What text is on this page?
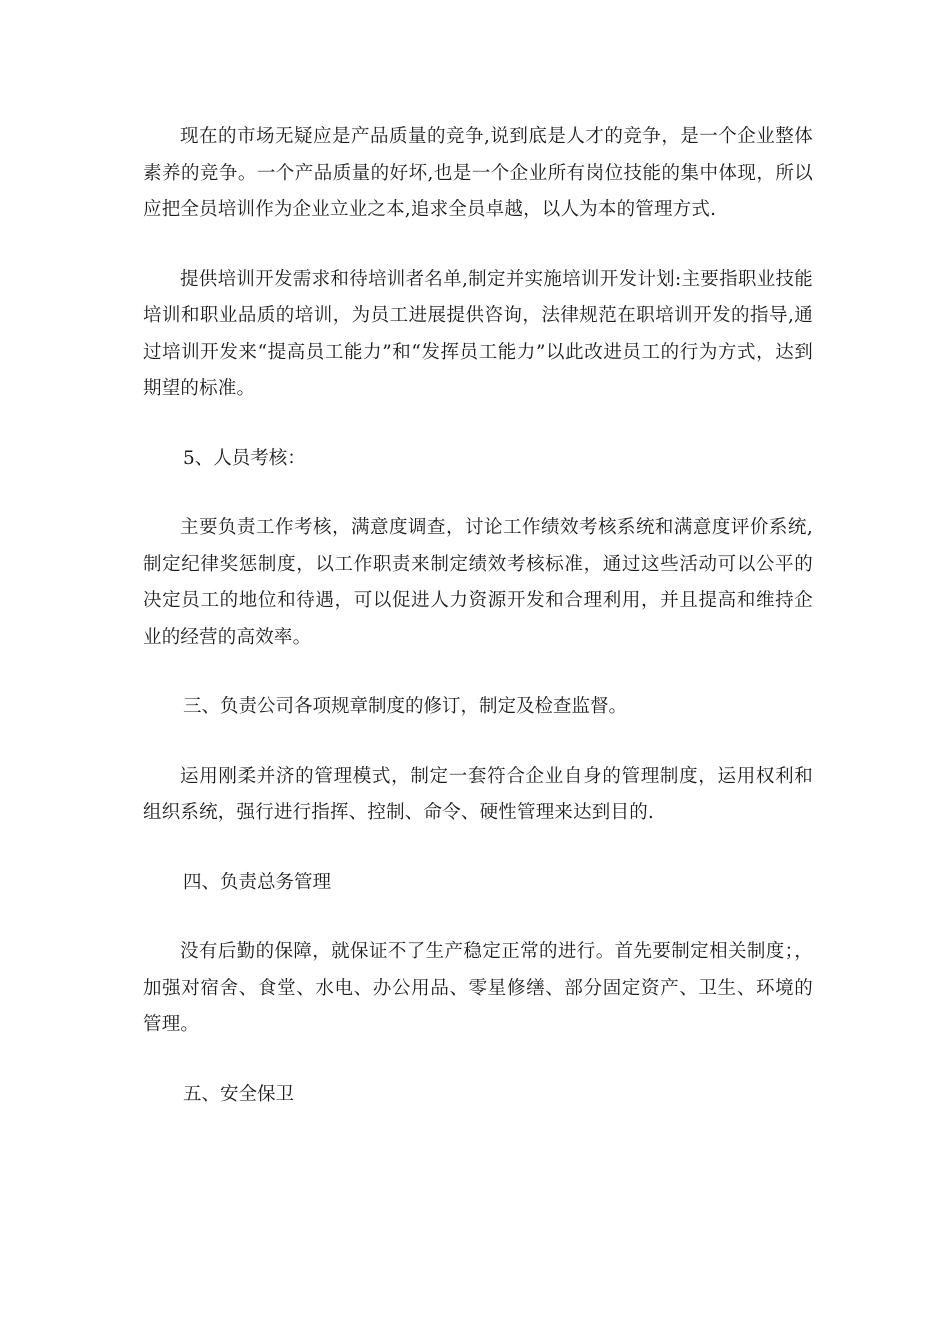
现在的市场无疑应是产品质量的竞争,说到底是人才的竞争，是一个企业整体素养的竞争。一个产品质量的好坏,也是一个企业所有岗位技能的集中体现，所以应把全员培训作为企业立业之本,追求全员卓越，以人为本的管理方式.

提供培训开发需求和待培训者名单,制定并实施培训开发计划:主要指职业技能培训和职业品质的培训，为员工进展提供咨询，法律规范在职培训开发的指导,通过培训开发来“提高员工能力”和“发挥员工能力”以此改进员工的行为方式，达到期望的标准。

5、人员考核：

主要负责工作考核，满意度调查，讨论工作绩效考核系统和满意度评价系统,制定纪律奖惩制度，以工作职责来制定绩效考核标准，通过这些活动可以公平的决定员工的地位和待遇，可以促进人力资源开发和合理利用，并且提高和维持企业的经营的高效率。

三、负责公司各项规章制度的修订，制定及检查监督。

运用刚柔并济的管理模式，制定一套符合企业自身的管理制度，运用权利和组织系统，强行进行指挥、控制、命令、硬性管理来达到目的.

四、负责总务管理

没有后勤的保障，就保证不了生产稳定正常的进行。首先要制定相关制度；，加强对宿舍、食堂、水电、办公用品、零星修缮、部分固定资产、卫生、环境的管理。

五、安全保卫
